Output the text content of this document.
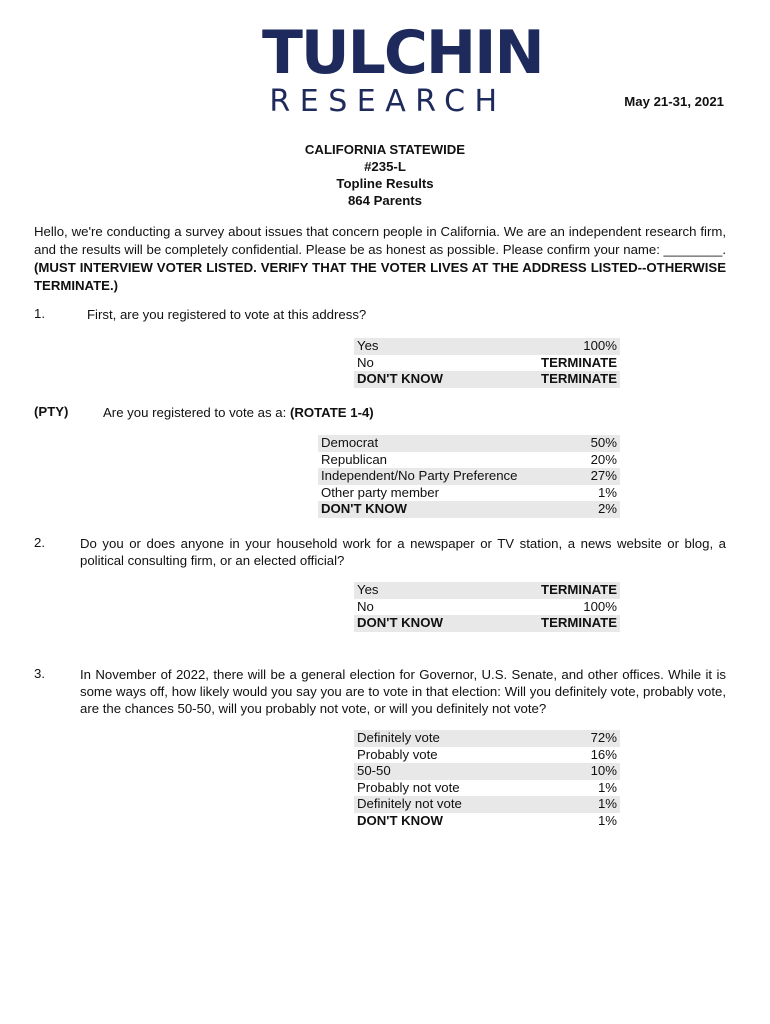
TULCHIN
RESEARCH	May 21-31, 2021
CALIFORNIA STATEWIDE
#235-L
Topline Results
864 Parents
Hello, we're conducting a survey about issues that concern people in California. We are an independent research firm, and the results will be completely confidential. Please be as honest as possible. Please confirm your name: ________. (MUST INTERVIEW VOTER LISTED. VERIFY THAT THE VOTER LIVES AT THE ADDRESS LISTED--OTHERWISE TERMINATE.)
1.	First, are you registered to vote at this address?
Yes	100%
No	TERMINATE
DON'T KNOW	TERMINATE
(PTY)	Are you registered to vote as a: (ROTATE 1-4)
Democrat	50%
Republican	20%
Independent/No Party Preference	27%
Other party member	1%
DON'T KNOW	2%
2.	Do you or does anyone in your household work for a newspaper or TV station, a news website or blog, a political consulting firm, or an elected official?
Yes	TERMINATE
No	100%
DON'T KNOW	TERMINATE
3.	In November of 2022, there will be a general election for Governor, U.S. Senate, and other offices. While it is some ways off, how likely would you say you are to vote in that election: Will you definitely vote, probably vote, are the chances 50-50, will you probably not vote, or will you definitely not vote?
Definitely vote	72%
Probably vote	16%
50-50	10%
Probably not vote	1%
Definitely not vote	1%
DON'T KNOW	1%
